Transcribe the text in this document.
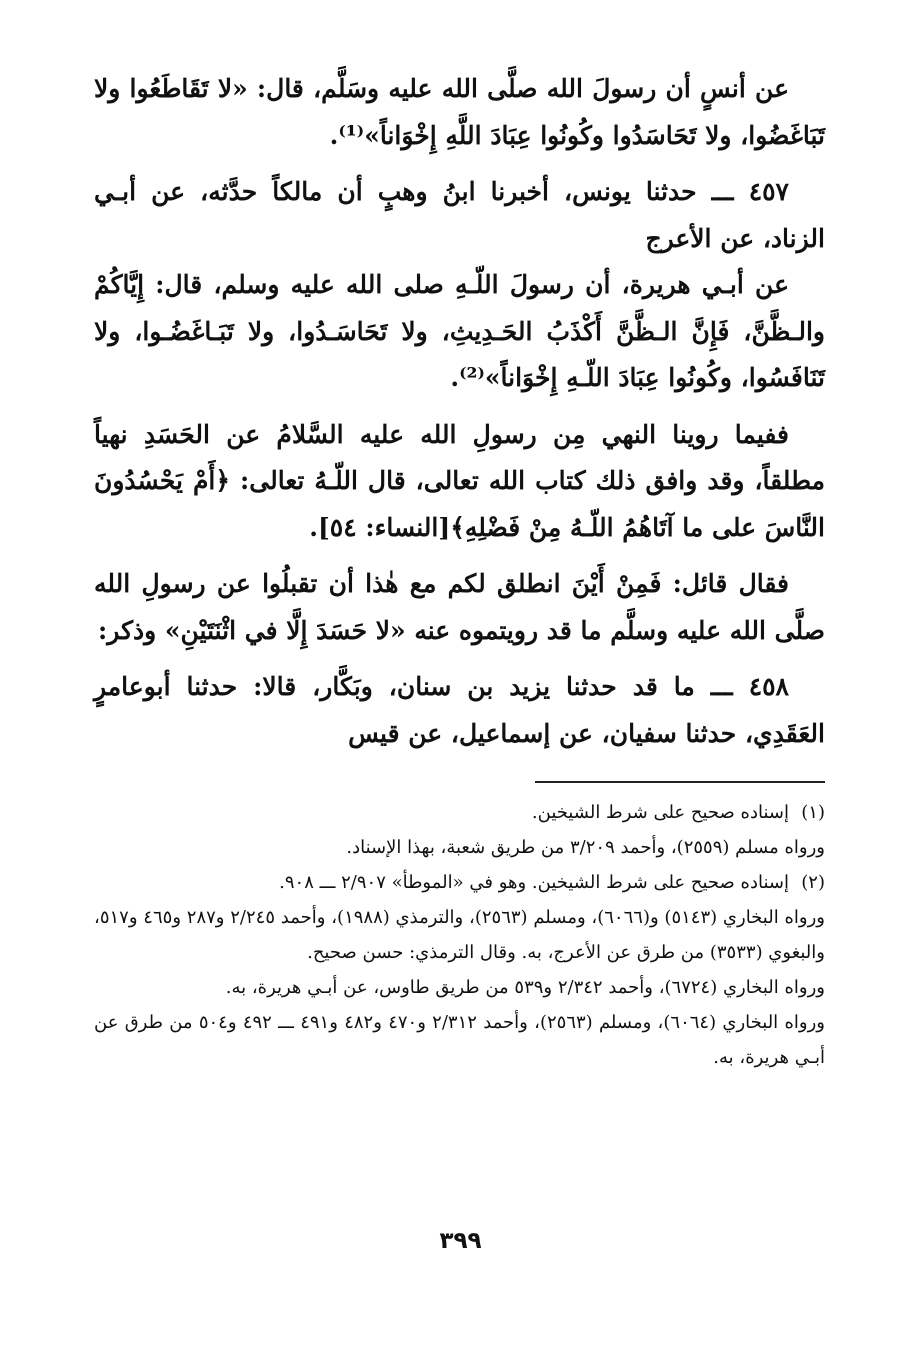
عن أنسٍ أن رسولَ الله صلَّى الله عليه وسَلَّم، قال: «لا تَقَاطَعُوا ولا تَبَاغَضُوا، ولا تَحَاسَدُوا وكُونُوا عِبَادَ اللَّهِ إِخْوَاناً»⁽¹⁾.

٤٥٧ ـــ حدثنا يونس، أخبرنا ابنُ وهبٍ أن مالكاً حدَّثه، عن أبـي الزناد، عن الأعرج

عن أبـي هريرة، أن رسولَ اللّـهِ صلى الله عليه وسلم، قال: إِيَّاكُمْ والـظَّنَّ، فَإِنَّ الـظَّنَّ أَكْذَبُ الحَـدِيثِ، ولا تَحَاسَـدُوا، ولا تَبَـاغَضُـوا، ولا تَنَافَسُوا، وكُونُوا عِبَادَ اللّـهِ إِخْوَاناً»⁽²⁾.

ففيما روينا النهي مِن رسولِ الله عليه السَّلامُ عن الحَسَدِ نهياً مطلقاً، وقد وافق ذلك كتاب الله تعالى، قال اللّـهُ تعالى: ﴿أَمْ يَحْسُدُونَ النَّاسَ على ما آتَاهُمُ اللّـهُ مِنْ فَضْلِهِ﴾[النساء: ٥٤].

فقال قائل: فَمِنْ أَيْنَ انطلق لكم مع هٰذا أن تقبلُوا عن رسولِ الله صلَّى الله عليه وسلَّم ما قد رويتموه عنه «لا حَسَدَ إِلَّا في اثْنَتَيْنِ» وذكر:

٤٥٨ ـــ ما قد حدثنا يزيد بن سنان، وبَكَّار، قالا: حدثنا أبوعامرٍ العَقَدِي، حدثنا سفيان، عن إسماعيل، عن قيس

(١)إسناده صحيح على شرط الشيخين.

ورواه مسلم (٢٥٥٩)، وأحمد ٣/٢٠٩ من طريق شعبة، بهذا الإسناد.

(٢)إسناده صحيح على شرط الشيخين. وهو في «الموطأ» ٢/٩٠٧ ـــ ٩٠٨.

ورواه البخاري (٥١٤٣) و(٦٠٦٦)، ومسلم (٢٥٦٣)، والترمذي (١٩٨٨)، وأحمد ٢/٢٤٥ و٢٨٧ و٤٦٥ و٥١٧، والبغوي (٣٥٣٣) من طرق عن الأعرج، به. وقال الترمذي: حسن صحيح.

ورواه البخاري (٦٧٢٤)، وأحمد ٢/٣٤٢ و٥٣٩ من طريق طاوس، عن أبـي هريرة، به.

ورواه البخاري (٦٠٦٤)، ومسلم (٢٥٦٣)، وأحمد ٢/٣١٢ و٤٧٠ و٤٨٢ و٤٩١ ـــ ٤٩٢ و٥٠٤ من طرق عن أبـي هريرة، به.

٣٩٩
